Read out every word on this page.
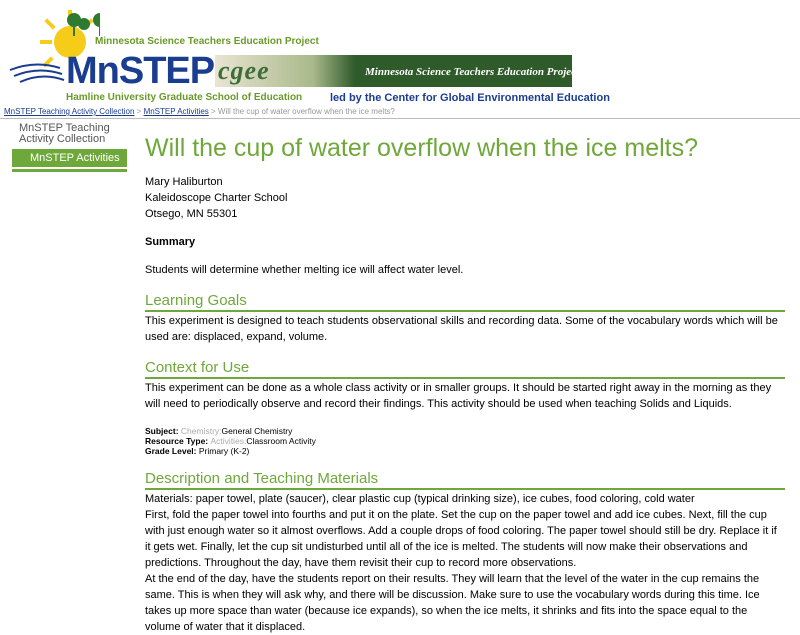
Minnesota Science Teachers Education Project
MnSTEP
Hamline University Graduate School of Education
cgee	Minnesota Science Teachers Education Project
led by the Center for Global Environmental Education
MnSTEP Teaching Activity Collection > MnSTEP Activities > Will the cup of water overflow when the ice melts?
MnSTEP Teaching Activity Collection
MnSTEP Activities Will the cup of water overflow when the ice melts?
Mary Haliburton
Kaleidoscope Charter School
Otsego, MN 55301
Summary
Students will determine whether melting ice will affect water level.
Learning Goals
This experiment is designed to teach students observational skills and recording data. Some of the vocabulary words which will be used are: displaced, expand, volume.
Context for Use
This experiment can be done as a whole class activity or in smaller groups. It should be started right away in the morning as they will need to periodically observe and record their findings. This activity should be used when teaching Solids and Liquids.
Subject: Chemistry:General Chemistry
Resource Type: Activities:Classroom Activity
Grade Level: Primary (K-2)
Description and Teaching Materials
Materials: paper towel, plate (saucer), clear plastic cup (typical drinking size), ice cubes, food coloring, cold water
First, fold the paper towel into fourths and put it on the plate. Set the cup on the paper towel and add ice cubes. Next, fill the cup with just enough water so it almost overflows. Add a couple drops of food coloring. The paper towel should still be dry. Replace it if it gets wet. Finally, let the cup sit undisturbed until all of the ice is melted. The students will now make their observations and predictions. Throughout the day, have them revisit their cup to record more observations.
At the end of the day, have the students report on their results. They will learn that the level of the water in the cup remains the same. This is when they will ask why, and there will be discussion. Make sure to use the vocabulary words during this time. Ice takes up more space than water (because ice expands), so when the ice melts, it shrinks and fits into the space equal to the volume of water that it displaced.
